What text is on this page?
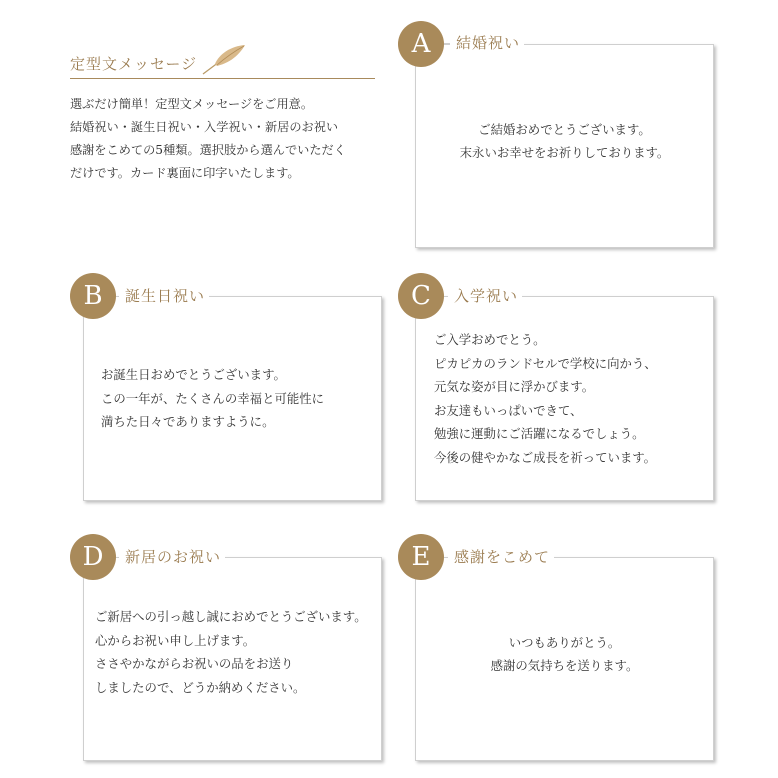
定型文メッセージ
選ぶだけ簡単！定型文メッセージをご用意。
結婚祝い・誕生日祝い・入学祝い・新居のお祝い
感謝をこめての5種類。選択肢から選んでいただく
だけです。カード裏面に印字いたします。
ご結婚おめでとうございます。
末永いお幸せをお祈りしております。
結婚祝い
A
お誕生日おめでとうございます。
この一年が、たくさんの幸福と可能性に
満ちた日々でありますように。
誕生日祝い
B
ご入学おめでとう。
ピカピカのランドセルで学校に向かう、
元気な姿が目に浮かびます。
お友達もいっぱいできて、
勉強に運動にご活躍になるでしょう。
今後の健やかなご成長を祈っています。
入学祝い
C
ご新居への引っ越し誠におめでとうございます。
心からお祝い申し上げます。
ささやかながらお祝いの品をお送り
しましたので、どうか納めください。
新居のお祝い
D
いつもありがとう。
感謝の気持ちを送ります。
感謝をこめて
E
